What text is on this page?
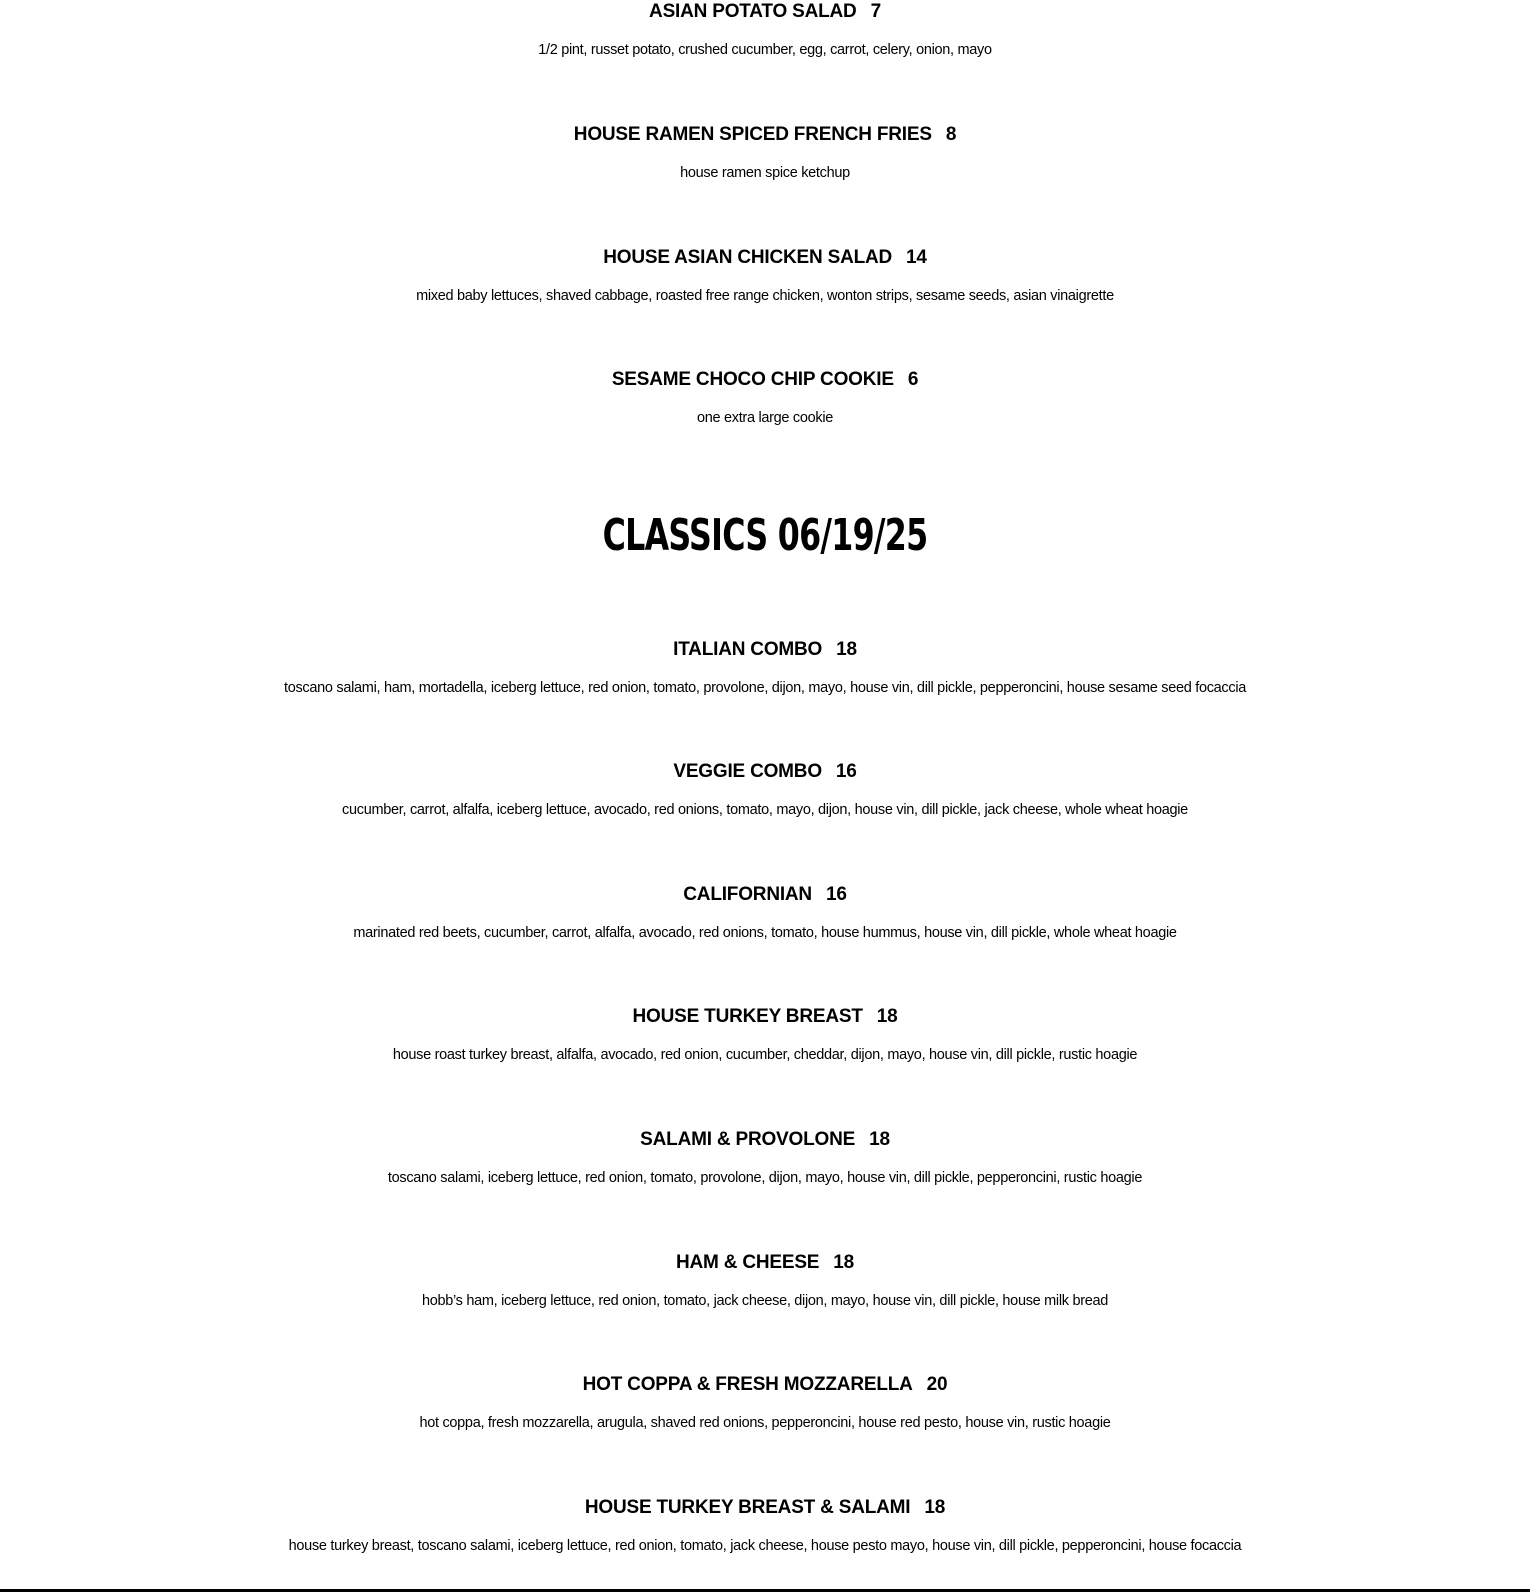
ASIAN POTATO SALAD 7
1/2 pint, russet potato, crushed cucumber, egg, carrot, celery, onion, mayo
HOUSE RAMEN SPICED FRENCH FRIES 8
house ramen spice ketchup
HOUSE ASIAN CHICKEN SALAD 14
mixed baby lettuces, shaved cabbage, roasted free range chicken, wonton strips, sesame seeds, asian vinaigrette
SESAME CHOCO CHIP COOKIE 6
one extra large cookie
CLASSICS 06/19/25
ITALIAN COMBO 18
toscano salami, ham, mortadella, iceberg lettuce, red onion, tomato, provolone, dijon, mayo, house vin, dill pickle, pepperoncini, house sesame seed focaccia
VEGGIE COMBO 16
cucumber, carrot, alfalfa, iceberg lettuce, avocado, red onions, tomato, mayo, dijon, house vin, dill pickle, jack cheese, whole wheat hoagie
CALIFORNIAN 16
marinated red beets, cucumber, carrot, alfalfa, avocado, red onions, tomato, house hummus, house vin, dill pickle, whole wheat hoagie
HOUSE TURKEY BREAST 18
house roast turkey breast, alfalfa, avocado, red onion, cucumber, cheddar, dijon, mayo, house vin, dill pickle, rustic hoagie
SALAMI & PROVOLONE 18
toscano salami, iceberg lettuce, red onion, tomato, provolone, dijon, mayo, house vin, dill pickle, pepperoncini, rustic hoagie
HAM & CHEESE 18
hobb’s ham, iceberg lettuce, red onion, tomato, jack cheese, dijon, mayo, house vin, dill pickle, house milk bread
HOT COPPA & FRESH MOZZARELLA 20
hot coppa, fresh mozzarella, arugula, shaved red onions, pepperoncini, house red pesto, house vin, rustic hoagie
HOUSE TURKEY BREAST & SALAMI 18
house turkey breast, toscano salami, iceberg lettuce, red onion, tomato, jack cheese, house pesto mayo, house vin, dill pickle, pepperoncini, house focaccia
